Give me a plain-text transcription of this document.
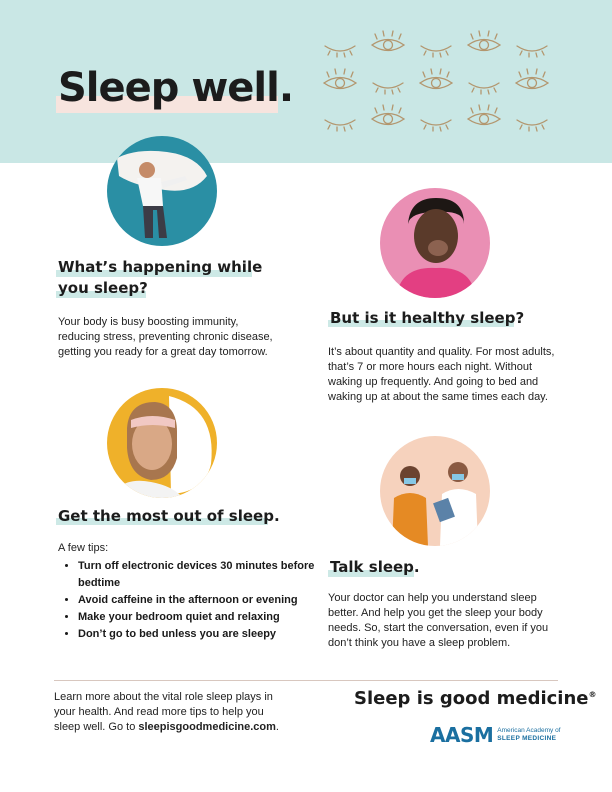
Sleep well.
What’s happening while
you sleep?
Your body is busy boosting immunity,
reducing stress, preventing chronic disease,
getting you ready for a great day tomorrow.
But is it healthy sleep?
It’s about quantity and quality. For most adults,
that’s 7 or more hours each night. Without
waking up frequently. And going to bed and
waking up at about the same times each day.
Get the most out of sleep.
A few tips:
• Turn off electronic devices 30 minutes before bedtime
• Avoid caffeine in the afternoon or evening
• Make your bedroom quiet and relaxing
• Don’t go to bed unless you are sleepy
Talk sleep.
Your doctor can help you understand sleep
better. And help you get the sleep your body
needs. So, start the conversation, even if you
don’t think you have a sleep problem.
Learn more about the vital role sleep plays in
your health. And read more tips to help you
sleep well. Go to sleepisgoodmedicine.com.
Sleep is good medicine®
AASM American Academy of
SLEEP MEDICINE
